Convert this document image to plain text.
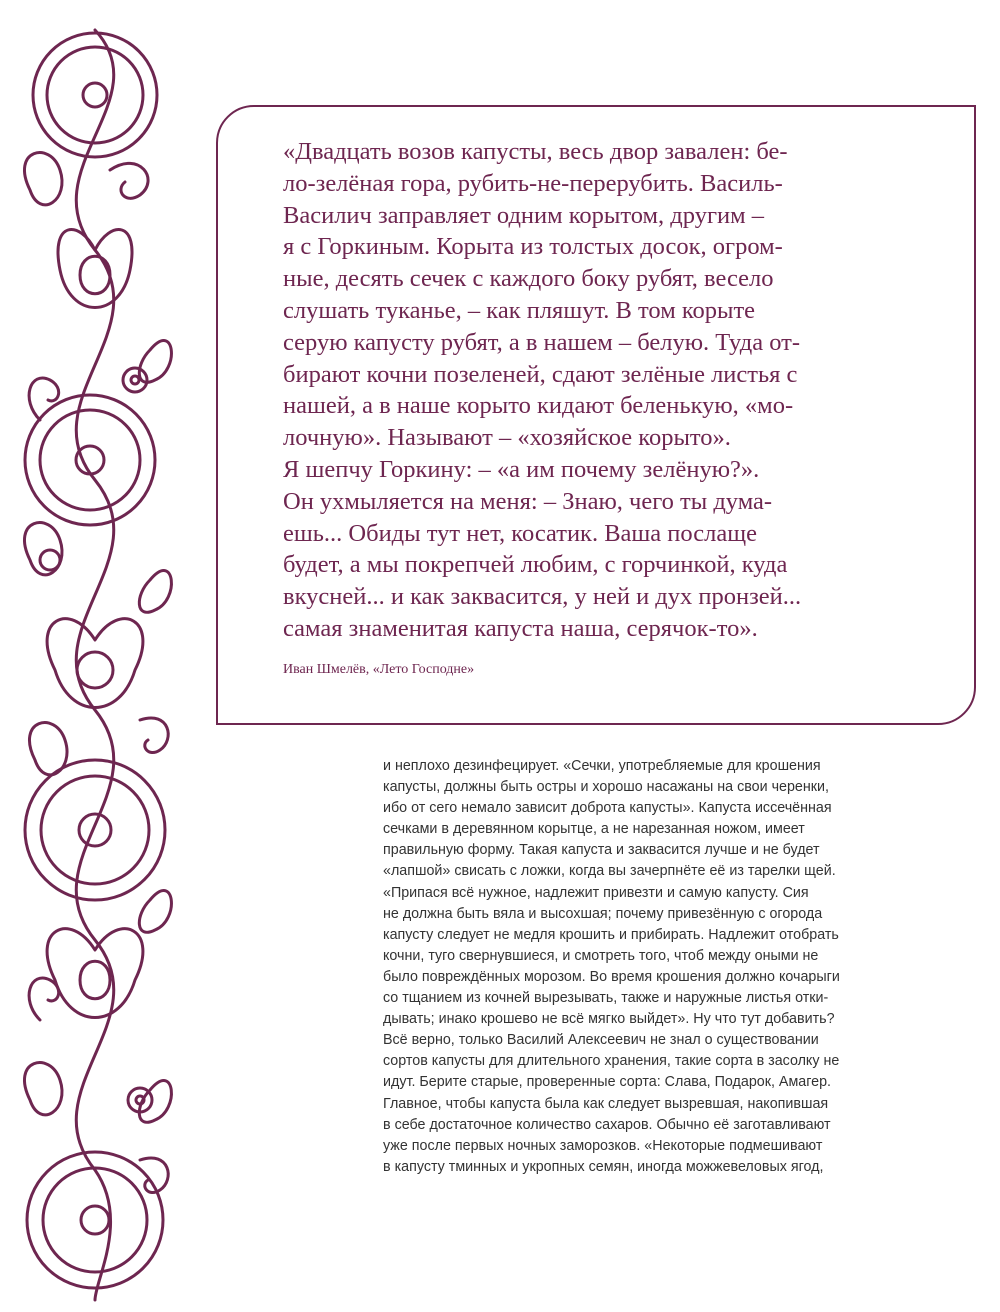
«Двадцать возов капусты, весь двор завален: бе-
ло-зелёная гора, рубить-не-перерубить. Василь-
Василич заправляет одним корытом, другим –
я с Горкиным. Корыта из толстых досок, огром-
ные, десять сечек с каждого боку рубят, весело
слушать туканье, – как пляшут. В том корыте
серую капусту рубят, а в нашем – белую. Туда от-
бирают кочни позеленей, сдают зелёные листья с
нашей, а в наше корыто кидают беленькую, «мо-
лочную». Называют – «хозяйское корыто».
Я шепчу Горкину: – «а им почему зелёную?».
Он ухмыляется на меня: – Знаю, чего ты дума-
ешь... Обиды тут нет, косатик. Ваша послаще
будет, а мы покрепчей любим, с горчинкой, куда
вкусней... и как заквасится, у ней и дух пронзей...
самая знаменитая капуста наша, серячок-то».

Иван Шмелёв, «Лето Господне»

и неплохо дезинфецирует. «Сечки, употребляемые для крошения
капусты, должны быть остры и хорошо насажаны на свои черенки,
ибо от сего немало зависит доброта капусты». Капуста иссечённая
сечками в деревянном корытце, а не нарезанная ножом, имеет
правильную форму. Такая капуста и заквасится лучше и не будет
«лапшой» свисать с ложки, когда вы зачерпнёте её из тарелки щей.
«Припася всё нужное, надлежит привезти и самую капусту. Сия
не должна быть вяла и высохшая; почему привезённую с огорода
капусту следует не медля крошить и прибирать. Надлежит отобрать
кочни, туго свернувшиеся, и смотреть того, чтоб между оными не
было повреждённых морозом. Во время крошения должно кочарыги
со тщанием из кочней вырезывать, также и наружные листья отки-
дывать; инако крошево не всё мягко выйдет». Ну что тут добавить?
Всё верно, только Василий Алексеевич не знал о существовании
сортов капусты для длительного хранения, такие сорта в засолку не
идут. Берите старые, проверенные сорта: Слава, Подарок, Амагер.
Главное, чтобы капуста была как следует вызревшая, накопившая
в себе достаточное количество сахаров. Обычно её заготавливают
уже после первых ночных заморозков. «Некоторые подмешивают
в капусту тминных и укропных семян, иногда можжевеловых ягод,
